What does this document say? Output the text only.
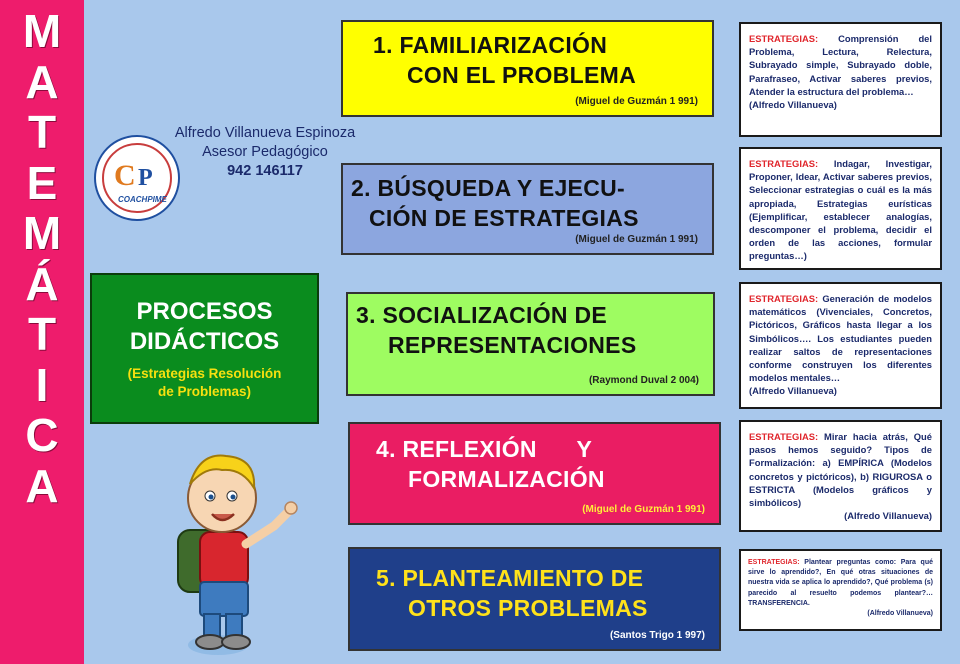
M
A
T
E
M
Á
T
I
C
A
Alfredo Villanueva Espinoza
Asesor Pedagógico
942 146117
C P
COACHPIME
PROCESOS
DIDÁCTICOS
(Estrategias Resolución
de Problemas)
1. FAMILIARIZACIÓN
CON EL PROBLEMA
(Miguel de Guzmán 1 991)
2. BÚSQUEDA Y EJECU-
CIÓN DE ESTRATEGIAS
(Miguel de Guzmán 1 991)
3. SOCIALIZACIÓN DE
REPRESENTACIONES
(Raymond Duval 2 004)
4. REFLEXIÓN      Y
FORMALIZACIÓN
(Miguel de Guzmán 1 991)
5. PLANTEAMIENTO DE
OTROS PROBLEMAS
(Santos Trigo 1 997)
ESTRATEGIAS: Comprensión del Problema, Lectura, Relectura, Subrayado simple, Subrayado doble, Parafraseo, Activar saberes previos, Atender la estructura del problema…
(Alfredo Villanueva)
ESTRATEGIAS: Indagar, Investigar, Proponer, Idear, Activar saberes previos, Seleccionar estrategias o cuál es la más apropiada, Estrategias eurísticas (Ejemplificar, establecer analogías, descomponer el problema, decidir el orden de las acciones, formular preguntas…)
ESTRATEGIAS: Generación de modelos matemáticos (Vivenciales, Concretos, Pictóricos, Gráficos hasta llegar a los Simbólicos…. Los estudiantes pueden realizar saltos de representaciones conforme construyen los diferentes modelos mentales…
(Alfredo Villanueva)
ESTRATEGIAS: Mirar hacia atrás, Qué pasos hemos seguido? Tipos de Formalización: a) EMPÍRICA (Modelos concretos y pictóricos), b) RIGUROSA o ESTRICTA (Modelos gráficos y simbólicos)
(Alfredo Villanueva)
ESTRATEGIAS: Plantear preguntas como: Para qué sirve lo aprendido?, En qué otras situaciones de nuestra vida se aplica lo aprendido?, Qué problema (s) parecido al resuelto podemos plantear?… TRANSFERENCIA.
(Alfredo Villanueva)
